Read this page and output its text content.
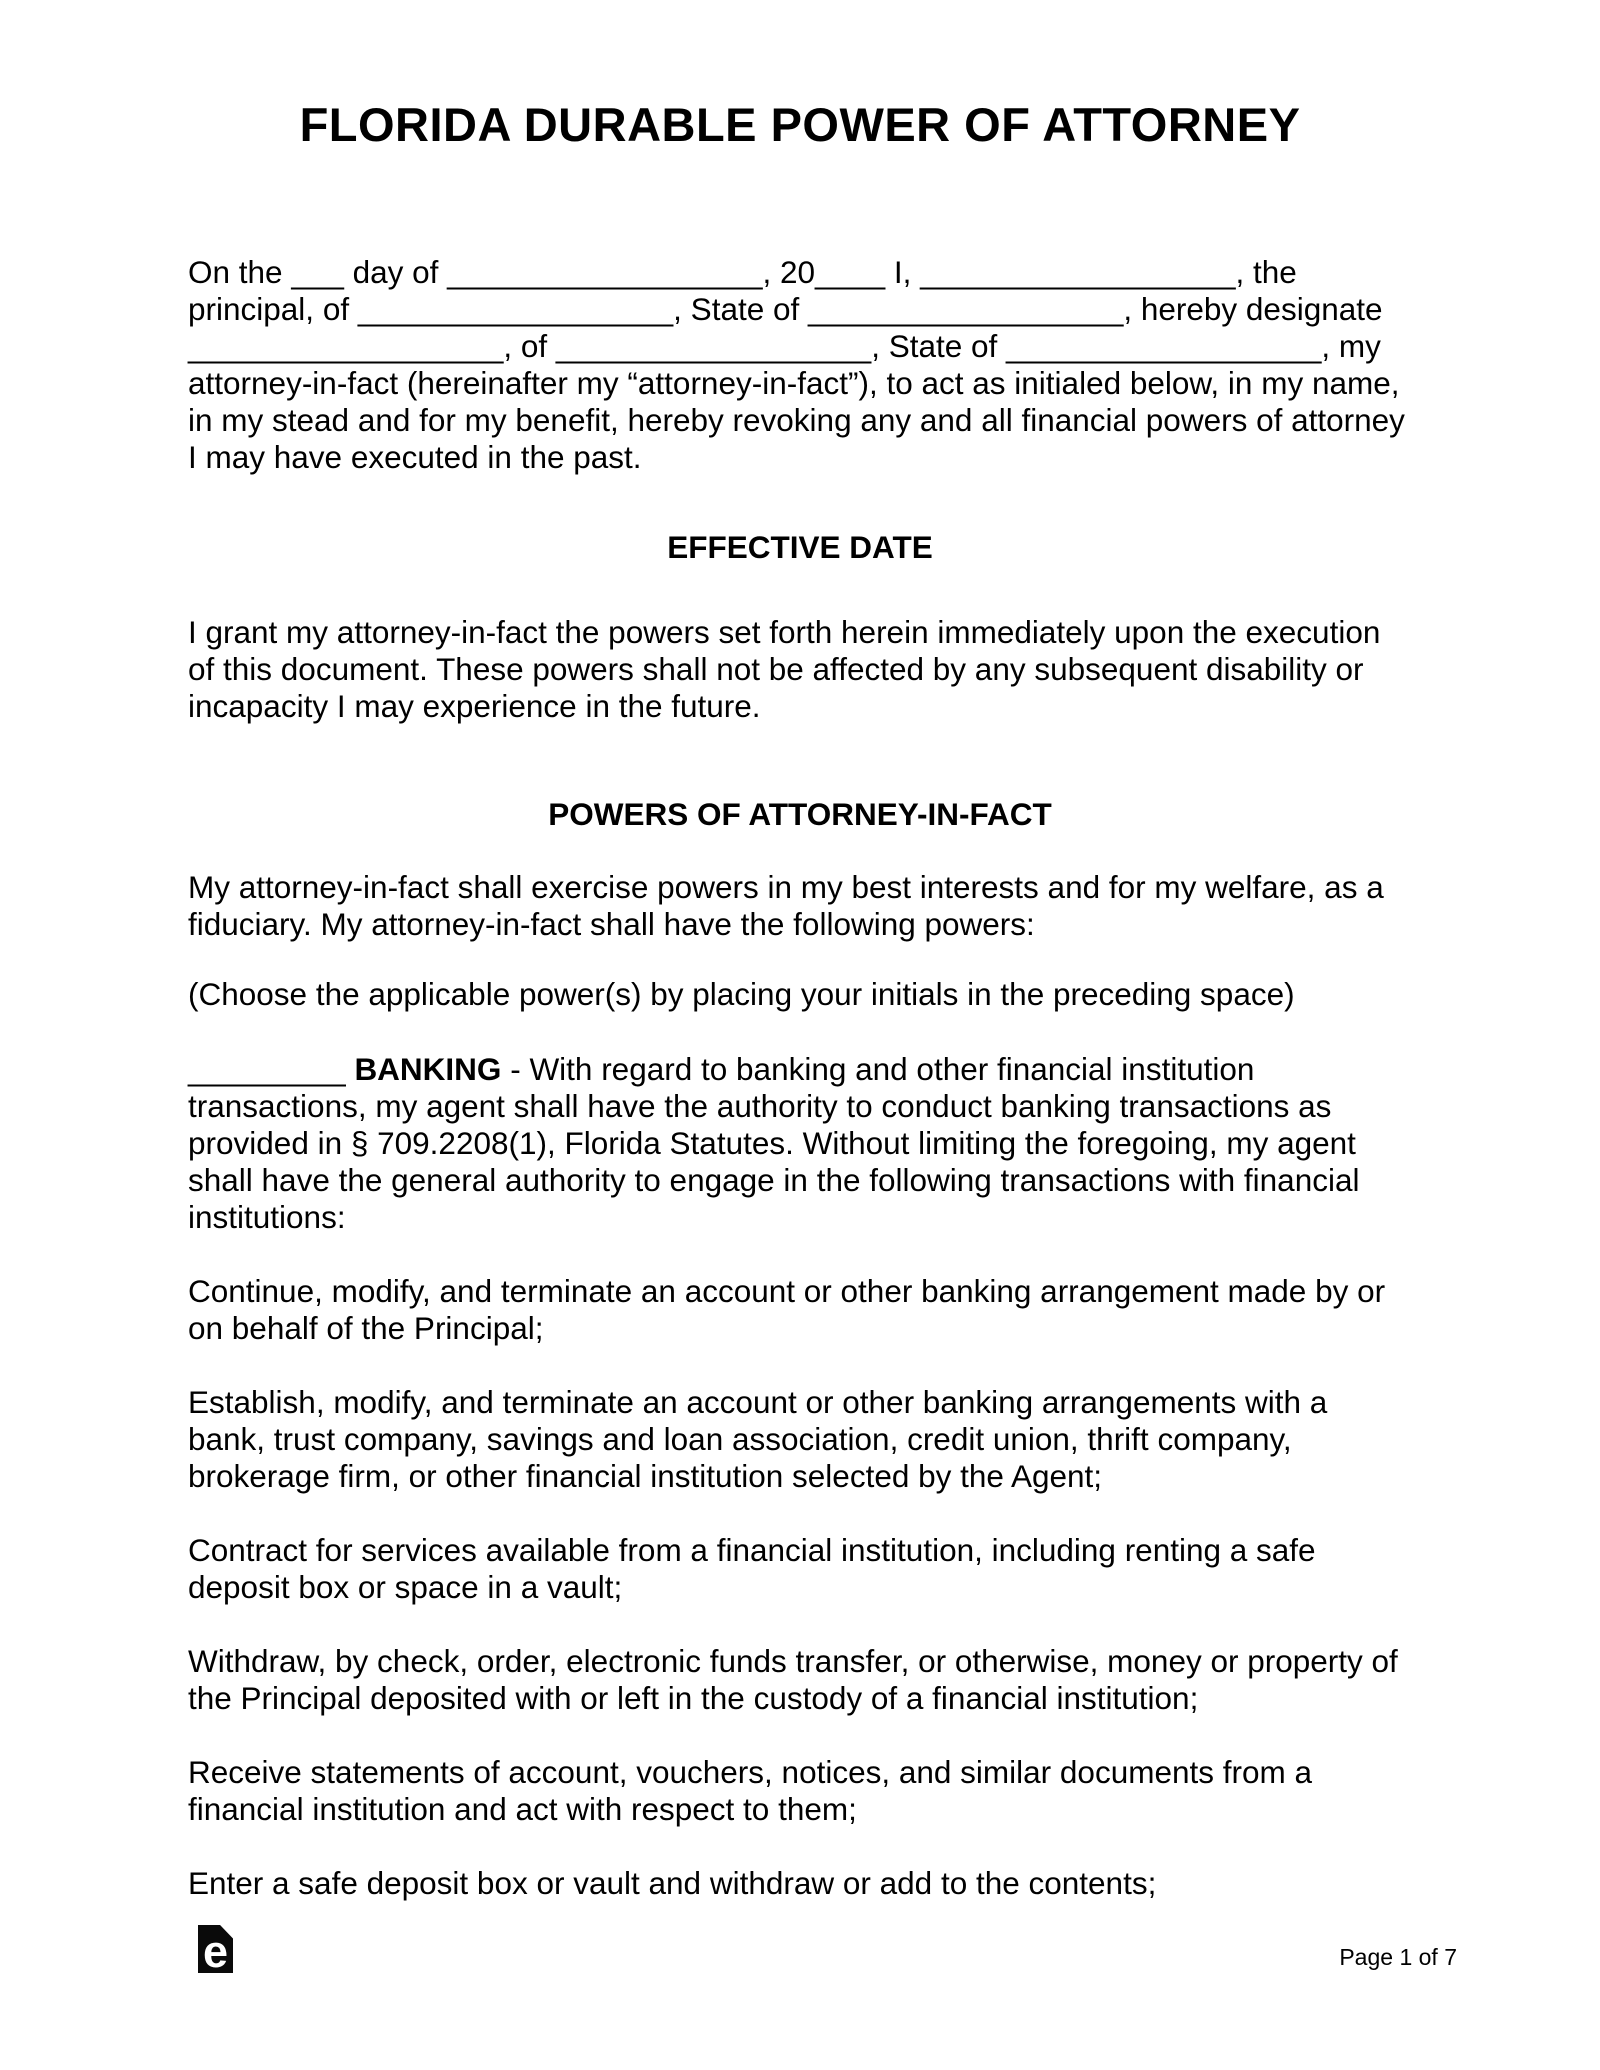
FLORIDA DURABLE POWER OF ATTORNEY

On the ___ day of __________________, 20____ I, __________________, the principal, of __________________, State of __________________, hereby designate __________________, of __________________, State of __________________, my attorney-in-fact (hereinafter my “attorney-in-fact”), to act as initialed below, in my name, in my stead and for my benefit, hereby revoking any and all financial powers of attorney I may have executed in the past.

EFFECTIVE DATE

I grant my attorney-in-fact the powers set forth herein immediately upon the execution of this document. These powers shall not be affected by any subsequent disability or incapacity I may experience in the future.

POWERS OF ATTORNEY-IN-FACT

My attorney-in-fact shall exercise powers in my best interests and for my welfare, as a fiduciary. My attorney-in-fact shall have the following powers:

(Choose the applicable power(s) by placing your initials in the preceding space)

_________ BANKING - With regard to banking and other financial institution transactions, my agent shall have the authority to conduct banking transactions as provided in § 709.2208(1), Florida Statutes. Without limiting the foregoing, my agent shall have the general authority to engage in the following transactions with financial institutions:

Continue, modify, and terminate an account or other banking arrangement made by or on behalf of the Principal;

Establish, modify, and terminate an account or other banking arrangements with a bank, trust company, savings and loan association, credit union, thrift company, brokerage firm, or other financial institution selected by the Agent;

Contract for services available from a financial institution, including renting a safe deposit box or space in a vault;

Withdraw, by check, order, electronic funds transfer, or otherwise, money or property of the Principal deposited with or left in the custody of a financial institution;

Receive statements of account, vouchers, notices, and similar documents from a financial institution and act with respect to them;

Enter a safe deposit box or vault and withdraw or add to the contents;

e	Page 1 of 7
